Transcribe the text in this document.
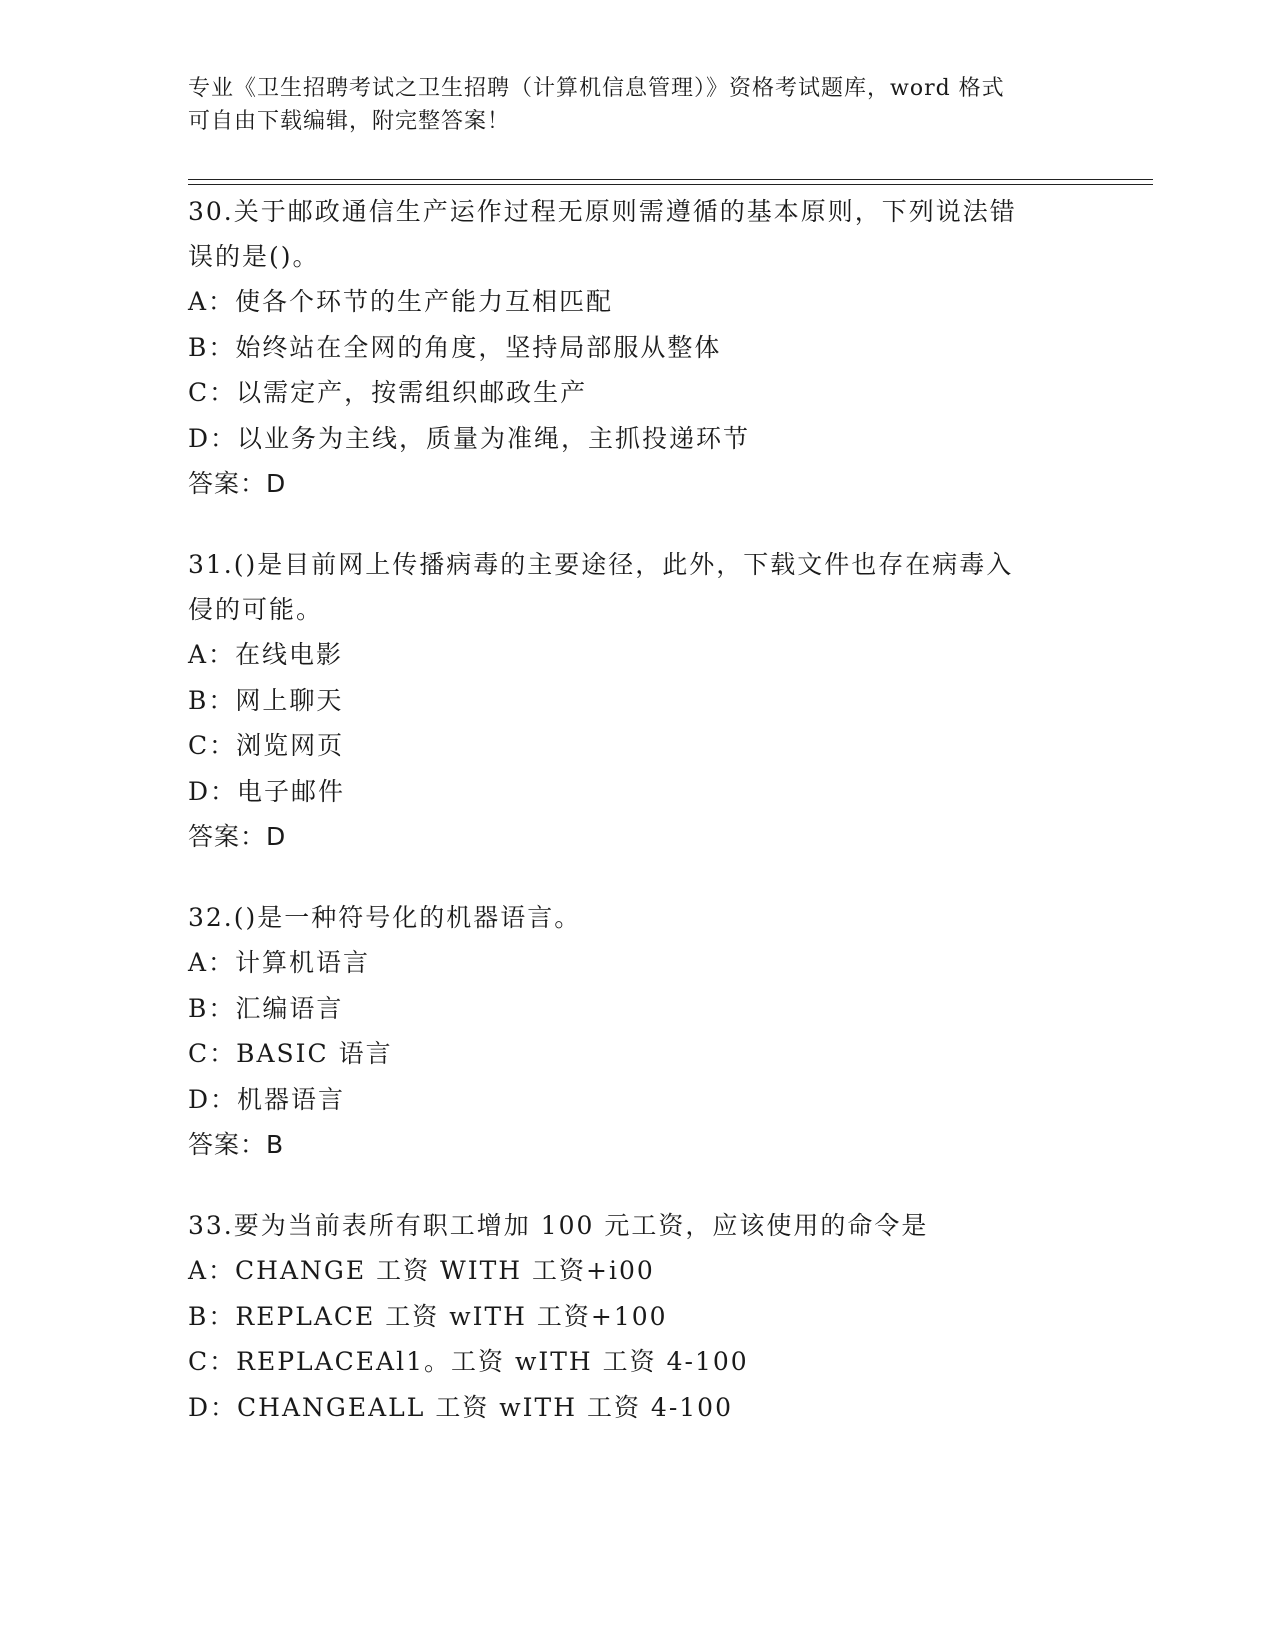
专业《卫生招聘考试之卫生招聘（计算机信息管理）》资格考试题库，word 格式
可自由下载编辑，附完整答案！
30.关于邮政通信生产运作过程无原则需遵循的基本原则，下列说法错
误的是()。
A：使各个环节的生产能力互相匹配
B：始终站在全网的角度，坚持局部服从整体
C：以需定产，按需组织邮政生产
D：以业务为主线，质量为准绳，主抓投递环节
答案：D
31.()是目前网上传播病毒的主要途径，此外，下载文件也存在病毒入
侵的可能。
A：在线电影
B：网上聊天
C：浏览网页
D：电子邮件
答案：D
32.()是一种符号化的机器语言。
A：计算机语言
B：汇编语言
C：BASIC 语言
D：机器语言
答案：B
33.要为当前表所有职工增加 100 元工资，应该使用的命令是
A：CHANGE 工资 WITH 工资+i00
B：REPLACE 工资 wITH 工资+100
C：REPLACEAl1。工资 wITH 工资 4-100
D：CHANGEALL 工资 wITH 工资 4-100
